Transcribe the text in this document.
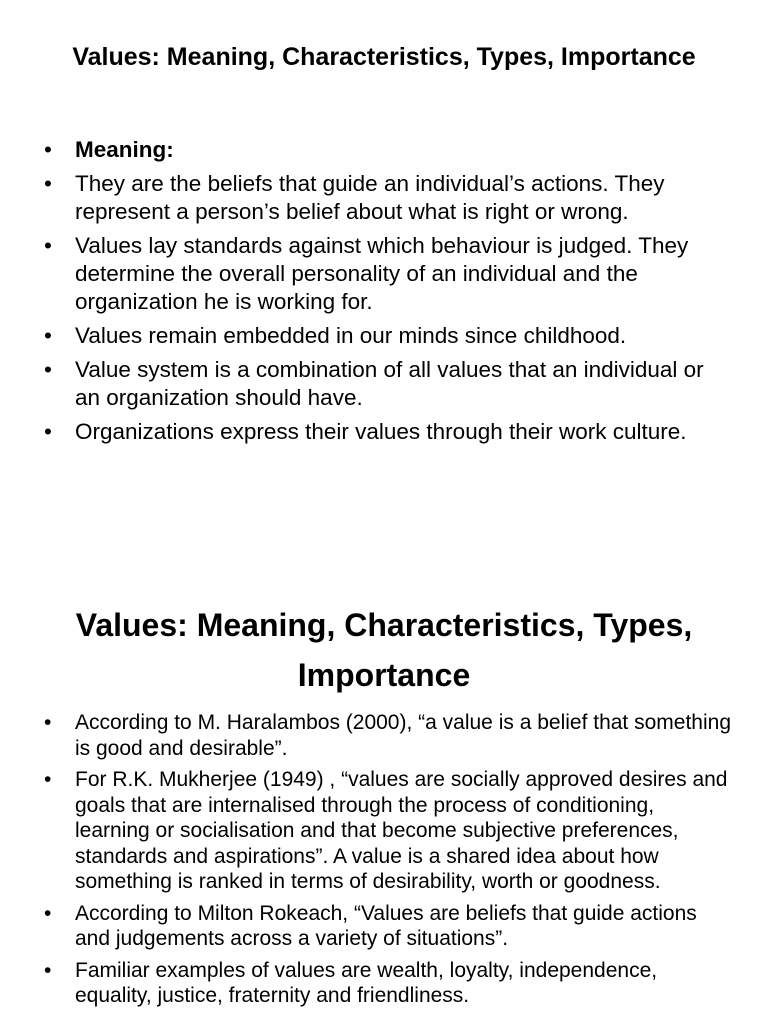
Values: Meaning, Characteristics, Types, Importance
• Meaning:
• They are the beliefs that guide an individual’s actions. They represent a person’s belief about what is right or wrong.
• Values lay standards against which behaviour is judged. They determine the overall personality of an individual and the organization he is working for.
• Values remain embedded in our minds since childhood.
• Value system is a combination of all values that an individual or an organization should have.
• Organizations express their values through their work culture.
Values: Meaning, Characteristics, Types, Importance
• According to M. Haralambos (2000), “a value is a belief that something is good and desirable”.
• For R.K. Mukherjee (1949) , “values are socially approved desires and goals that are internalised through the process of conditioning, learning or socialisation and that become subjective preferences, standards and aspirations”. A value is a shared idea about how something is ranked in terms of desirability, worth or goodness.
• According to Milton Rokeach, “Values are beliefs that guide actions and judgements across a variety of situations”.
• Familiar examples of values are wealth, loyalty, independence, equality, justice, fraternity and friendliness.
